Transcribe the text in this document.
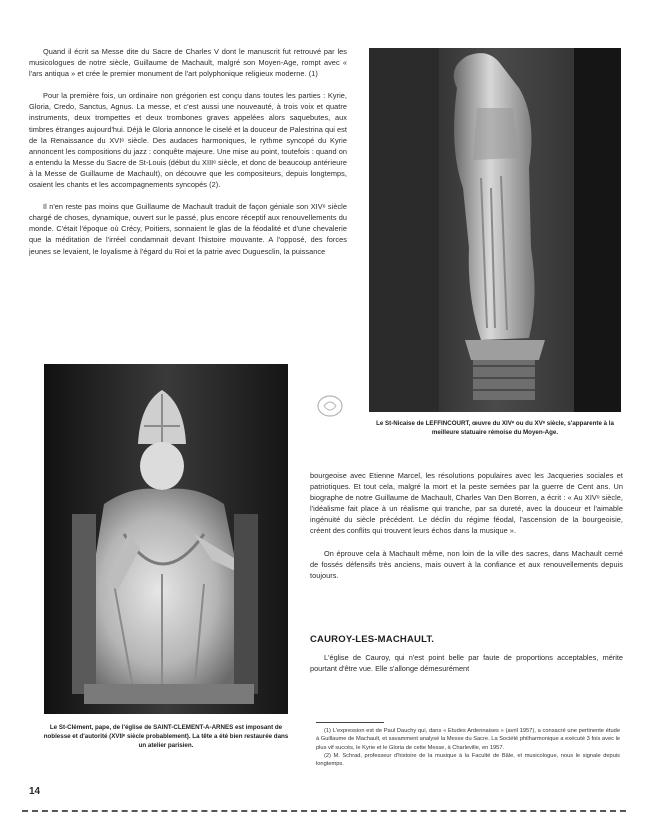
Quand il écrit sa Messe dite du Sacre de Charles V dont le manuscrit fut retrouvé par les musicologues de notre siècle, Guillaume de Machault, malgré son Moyen-Age, rompt avec « l'ars antiqua » et crée le premier monument de l'art polyphonique religieux moderne. (1)

Pour la première fois, un ordinaire non grégorien est conçu dans toutes les parties : Kyrie, Gloria, Credo, Sanctus, Agnus. La messe, et c'est aussi une nouveauté, à trois voix et quatre instruments, deux trompettes et deux trombones graves appelées alors saquebutes, aux timbres étranges aujourd'hui. Déjà le Gloria annonce le ciselé et la douceur de Palestrina qui est de la Renaissance du XVIᵉ siècle. Des audaces harmoniques, le rythme syncopé du Kyrie annoncent les compositions du jazz : conquête majeure. Une mise au point, toutefois : quand on a entendu la Messe du Sacre de St-Louis (début du XIIIᵉ siècle, et donc de beaucoup antérieure à la Messe de Guillaume de Machault), on découvre que les compositeurs, depuis longtemps, osaient les chants et les accompagnements syncopés (2).

Il n'en reste pas moins que Guillaume de Machault traduit de façon géniale son XIVᵉ siècle chargé de choses, dynamique, ouvert sur le passé, plus encore réceptif aux renouvellements du monde. C'était l'époque où Crécy, Poitiers, sonnaient le glas de la féodalité et d'une chevalerie que la méditation de l'irréel condamnait devant l'histoire mouvante. A l'opposé, des forces jeunes se levaient, le loyalisme à l'égard du Roi et la patrie avec Duguesclin, la puissance

Le St-Nicaise de LEFFINCOURT, œuvre du XIVᵉ ou du XVᵉ siècle, s'apparente à la meilleure statuaire rémoise du Moyen-Age.
Le St-Clément, pape, de l'église de SAINT-CLEMENT-A-ARNES est imposant de noblesse et d'autorité (XVIIᵉ siècle probablement). La tête a été bien restaurée dans un atelier parisien.

bourgeoise avec Etienne Marcel, les résolutions populaires avec les Jacqueries sociales et patriotiques. Et tout cela, malgré la mort et la peste semées par la guerre de Cent ans. Un biographe de notre Guillaume de Machault, Charles Van Den Borren, a écrit : « Au XIVᵉ siècle, l'idéalisme fait place à un réalisme qui tranche, par sa dureté, avec la douceur et l'aimable ingénuité du siècle précédent. Le déclin du régime féodal, l'ascension de la bourgeoisie, créent des conflits qui trouvent leurs échos dans la musique ».

On éprouve cela à Machault même, non loin de la ville des sacres, dans Machault cerné de fossés défensifs très anciens, mais ouvert à la confiance et aux renouvellements depuis toujours.

CAUROY-LES-MACHAULT.

L'église de Cauroy, qui n'est point belle par faute de proportions acceptables, mérite pourtant d'être vue. Elle s'allonge démesurément

(1) L'expression est de Paul Dauchy qui, dans « Etudes Ardennaises » (avril 1957), a consacré une pertinente étude à Guillaume de Machault, et savamment analysé la Messe du Sacre. La Société philharmonique a exécuté 3 fois avec le plus vif succès, le Kyrie et le Gloria de cette Messe, à Charleville, en 1957.

(2) M. Schrad, professeur d'histoire de la musique à la Faculté de Bâle, et musicologue, nous le signale depuis longtemps.

14
